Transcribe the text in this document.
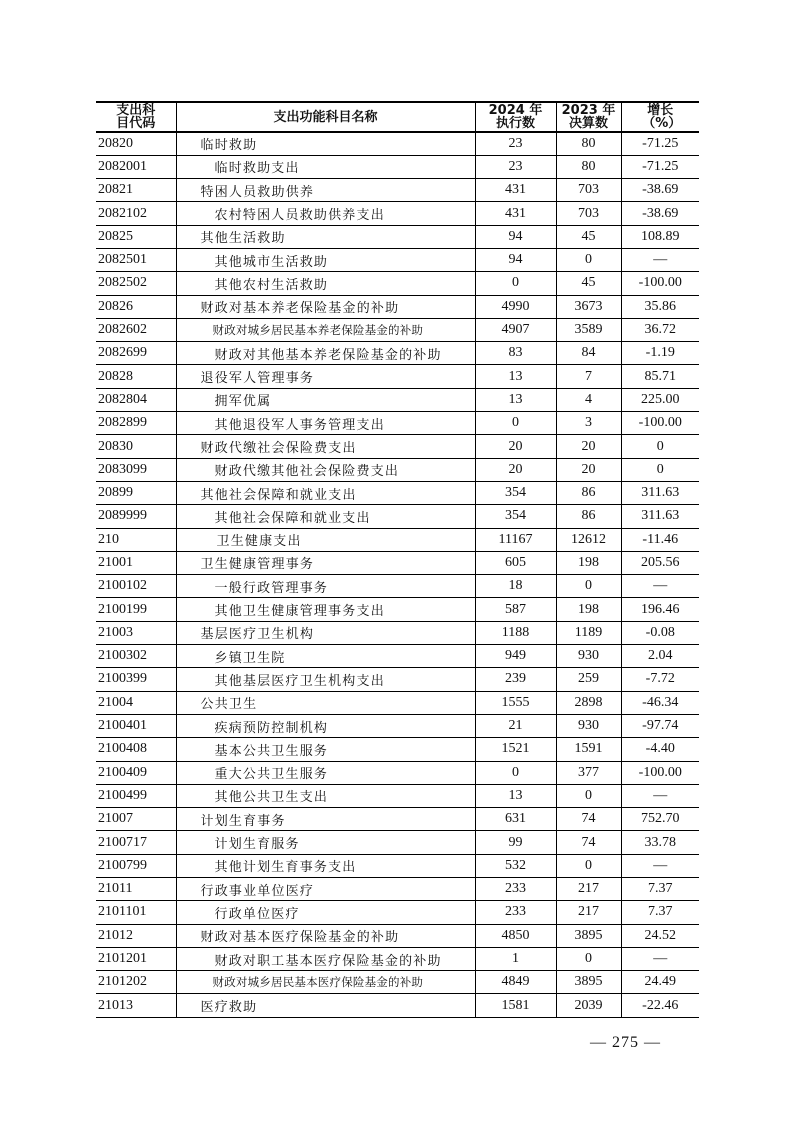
支出科目代码	支出功能科目名称	2024 年执行数	2023 年决算数	增长（%）
20820	临时救助	23	80	-71.25
2082001	临时救助支出	23	80	-71.25
20821	特困人员救助供养	431	703	-38.69
2082102	农村特困人员救助供养支出	431	703	-38.69
20825	其他生活救助	94	45	108.89
2082501	其他城市生活救助	94	0	—
2082502	其他农村生活救助	0	45	-100.00
20826	财政对基本养老保险基金的补助	4990	3673	35.86
2082602	财政对城乡居民基本养老保险基金的补助	4907	3589	36.72
2082699	财政对其他基本养老保险基金的补助	83	84	-1.19
20828	退役军人管理事务	13	7	85.71
2082804	拥军优属	13	4	225.00
2082899	其他退役军人事务管理支出	0	3	-100.00
20830	财政代缴社会保险费支出	20	20	0
2083099	财政代缴其他社会保险费支出	20	20	0
20899	其他社会保障和就业支出	354	86	311.63
2089999	其他社会保障和就业支出	354	86	311.63
210	卫生健康支出	11167	12612	-11.46
21001	卫生健康管理事务	605	198	205.56
2100102	一般行政管理事务	18	0	—
2100199	其他卫生健康管理事务支出	587	198	196.46
21003	基层医疗卫生机构	1188	1189	-0.08
2100302	乡镇卫生院	949	930	2.04
2100399	其他基层医疗卫生机构支出	239	259	-7.72
21004	公共卫生	1555	2898	-46.34
2100401	疾病预防控制机构	21	930	-97.74
2100408	基本公共卫生服务	1521	1591	-4.40
2100409	重大公共卫生服务	0	377	-100.00
2100499	其他公共卫生支出	13	0	—
21007	计划生育事务	631	74	752.70
2100717	计划生育服务	99	74	33.78
2100799	其他计划生育事务支出	532	0	—
21011	行政事业单位医疗	233	217	7.37
2101101	行政单位医疗	233	217	7.37
21012	财政对基本医疗保险基金的补助	4850	3895	24.52
2101201	财政对职工基本医疗保险基金的补助	1	0	—
2101202	财政对城乡居民基本医疗保险基金的补助	4849	3895	24.49
21013	医疗救助	1581	2039	-22.46
— 275 —
